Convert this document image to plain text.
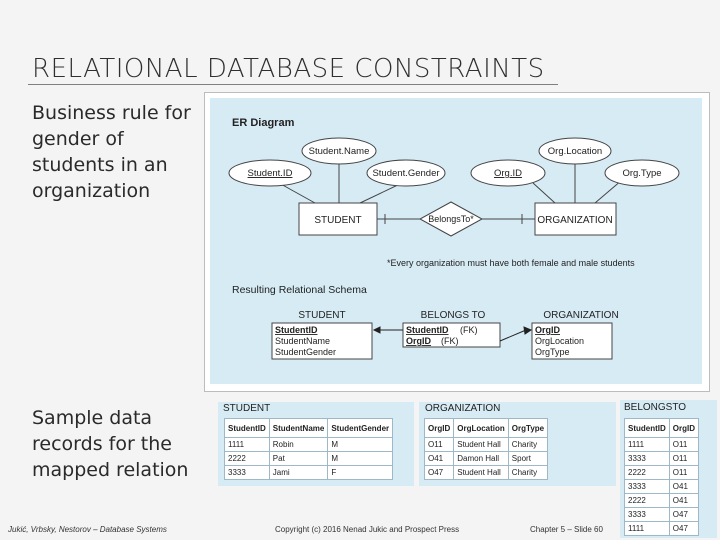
RELATIONAL DATABASE CONSTRAINTS
Business rule for gender of students in an organization
Sample data records for the mapped relation
ER Diagram
Student.Name
Student.ID	Student.Gender	Org.ID
Org.Location
Org.Type
STUDENT	ORGANIZATION
BelongsTo*
*Every organization must have both female and male students
Resulting Relational Schema
STUDENT
StudentID
StudentName
StudentGender
BELONGS TO
StudentID (FK)
OrgID (FK)
ORGANIZATION
OrgID
OrgLocation
OrgType
STUDENT
StudentID	StudentName	StudentGender
1111	Robin	M
2222	Pat	M
3333	Jami	F
ORGANIZATION
OrgID	OrgLocation	OrgType
O11	Student Hall	Charity
O41	Damon Hall	Sport
O47	Student Hall	Charity
BELONGSTO
StudentID	OrgID
1111	O11
3333	O11
2222	O11
3333	O41
2222	O41
3333	O47
1111	O47
Jukić, Vrbsky, Nestorov – Database Systems	Copyright (c) 2016 Nenad Jukic and Prospect Press	Chapter 5 – Slide 60
